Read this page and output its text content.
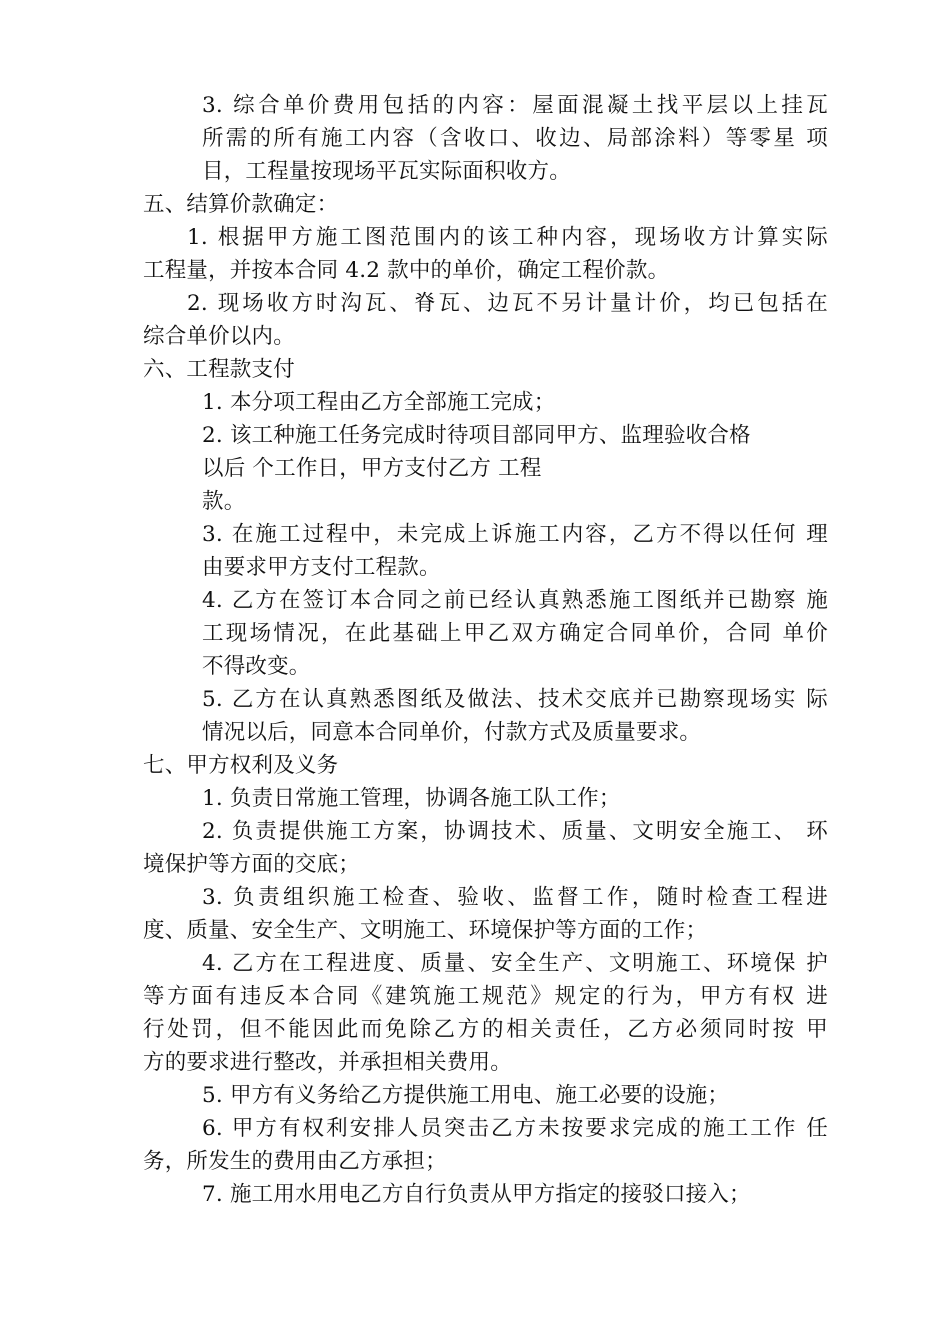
3. 综合单价费用包括的内容：屋面混凝土找平层以上挂瓦
所需的所有施工内容（含收口、收边、局部涂料）等零星 项
目，工程量按现场平瓦实际面积收方。
五、结算价款确定：
1. 根据甲方施工图范围内的该工种内容，现场收方计算实际
工程量，并按本合同 4.2 款中的单价，确定工程价款。
2. 现场收方时沟瓦、脊瓦、边瓦不另计量计价，均已包括在
综合单价以内。
六、工程款支付
1. 本分项工程由乙方全部施工完成；
2. 该工种施工任务完成时待项目部同甲方、监理验收合格
以后 个工作日，甲方支付乙方 工程
款。
3. 在施工过程中，未完成上诉施工内容，乙方不得以任何 理
由要求甲方支付工程款。
4. 乙方在签订本合同之前已经认真熟悉施工图纸并已勘察 施
工现场情况，在此基础上甲乙双方确定合同单价，合同 单价
不得改变。
5. 乙方在认真熟悉图纸及做法、技术交底并已勘察现场实 际
情况以后，同意本合同单价，付款方式及质量要求。
七、甲方权利及义务
1. 负责日常施工管理，协调各施工队工作；
2. 负责提供施工方案，协调技术、质量、文明安全施工、 环
境保护等方面的交底；
3. 负责组织施工检查、验收、监督工作，随时检查工程进
度、质量、安全生产、文明施工、环境保护等方面的工作；
4. 乙方在工程进度、质量、安全生产、文明施工、环境保 护
等方面有违反本合同《建筑施工规范》规定的行为，甲方有权 进
行处罚，但不能因此而免除乙方的相关责任，乙方必须同时按 甲
方的要求进行整改，并承担相关费用。
5. 甲方有义务给乙方提供施工用电、施工必要的设施；
6. 甲方有权利安排人员突击乙方未按要求完成的施工工作 任
务，所发生的费用由乙方承担；
7. 施工用水用电乙方自行负责从甲方指定的接驳口接入；
